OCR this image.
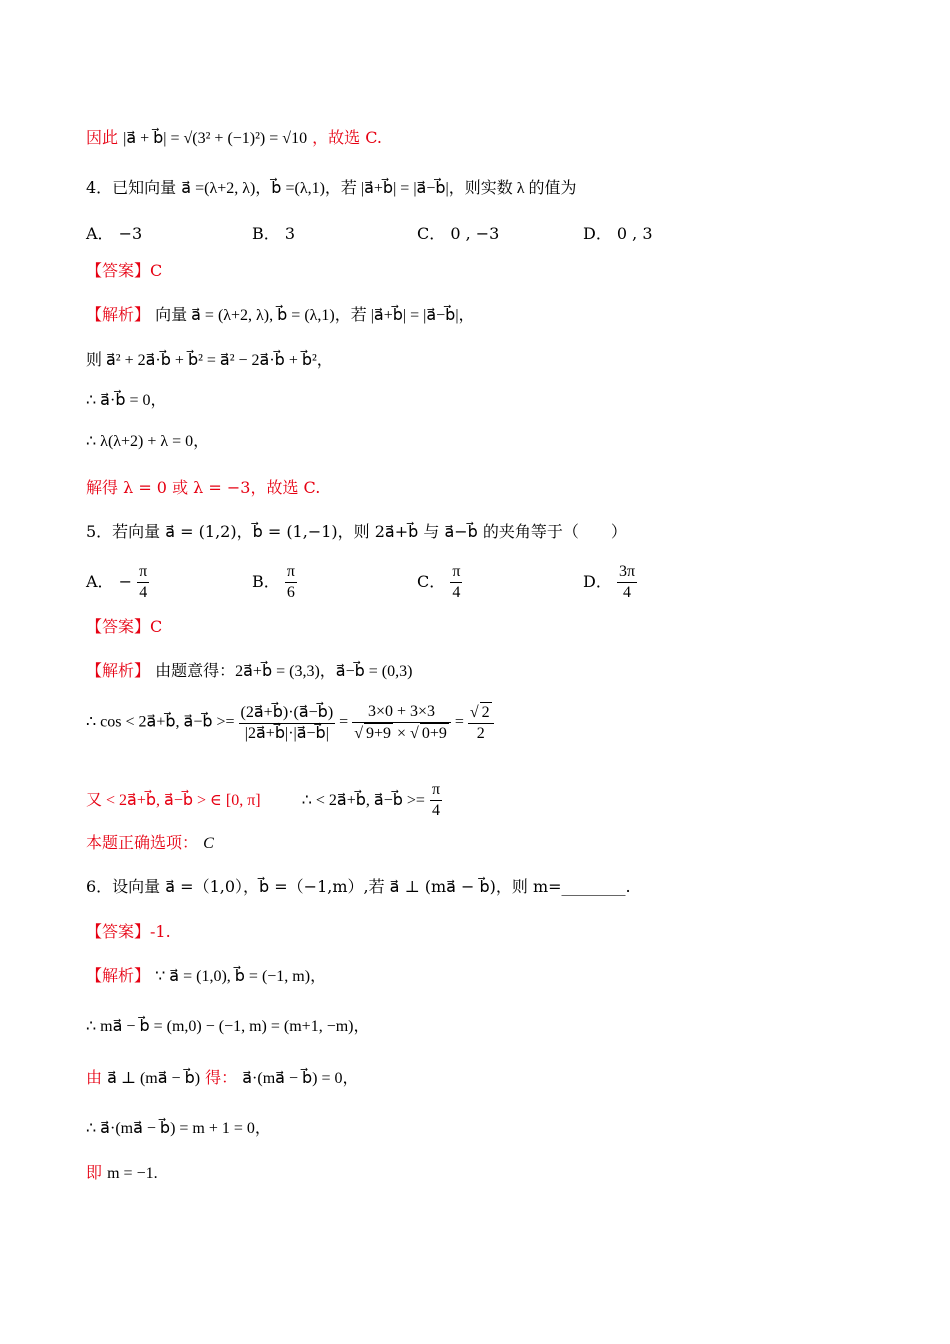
因此 |a⃗ + b⃗| = √(3² + (−1)²) = √10 ，故选 C.
4．已知向量 a⃗ =(λ+2, λ)，b⃗ =(λ,1)，若 |a⃗+b⃗| = |a⃗−b⃗|，则实数 λ 的值为
A． −3	B． 3	C． 0 , −3	D． 0 , 3
【答案】C
【解析】 向量 a⃗ = (λ+2, λ), b⃗ = (λ,1)，若 |a⃗+b⃗| = |a⃗−b⃗|，
则 a⃗² + 2a⃗·b⃗ + b⃗² = a⃗² − 2a⃗·b⃗ + b⃗²，
∴ a⃗·b⃗ = 0，
∴ λ(λ+2) + λ = 0，
解得 λ = 0 或 λ = −3，故选 C.
5．若向量 a⃗ = (1,2)，b⃗ = (1,−1)，则 2a⃗+b⃗ 与 a⃗−b⃗ 的夹角等于（　　）
A． − $\frac{\pi}{4}$	B． $\frac{\pi}{6}$	C． $\frac{\pi}{4}$	D． $\frac{3\pi}{4}$
【答案】C
【解析】 由题意得：2a⃗+b⃗ = (3,3)，a⃗−b⃗ = (0,3)
∴ cos < 2a⃗+b⃗, a⃗−b⃗ >= $\frac{(2a⃗+b⃗)\cdot(a⃗-b⃗)}{|2a⃗+b⃗|\cdot|a⃗-b⃗|} = \frac{3\times 0 + 3\times 3}{√ 9+9 \times √ 0+9} = \frac{√ 2}{2}$
又 < 2a⃗+b⃗, a⃗−b⃗ > ∈ [0, π]	∴ < 2a⃗+b⃗, a⃗−b⃗ >= $\frac{\pi}{4}$
本题正确选项： C
6．设向量 a⃗ =（1,0），b⃗ =（−1,m）,若 a⃗ ⊥ (ma⃗ − b⃗)，则 m=________.
【答案】-1.
【解析】 ∵ a⃗ = (1,0), b⃗ = (−1, m)，
∴ ma⃗ − b⃗ = (m,0) − (−1, m) = (m+1, −m)，
由 a⃗ ⊥ (ma⃗ − b⃗) 得： a⃗·(ma⃗ − b⃗) = 0，
∴ a⃗·(ma⃗ − b⃗) = m + 1 = 0，
即 m = −1.
